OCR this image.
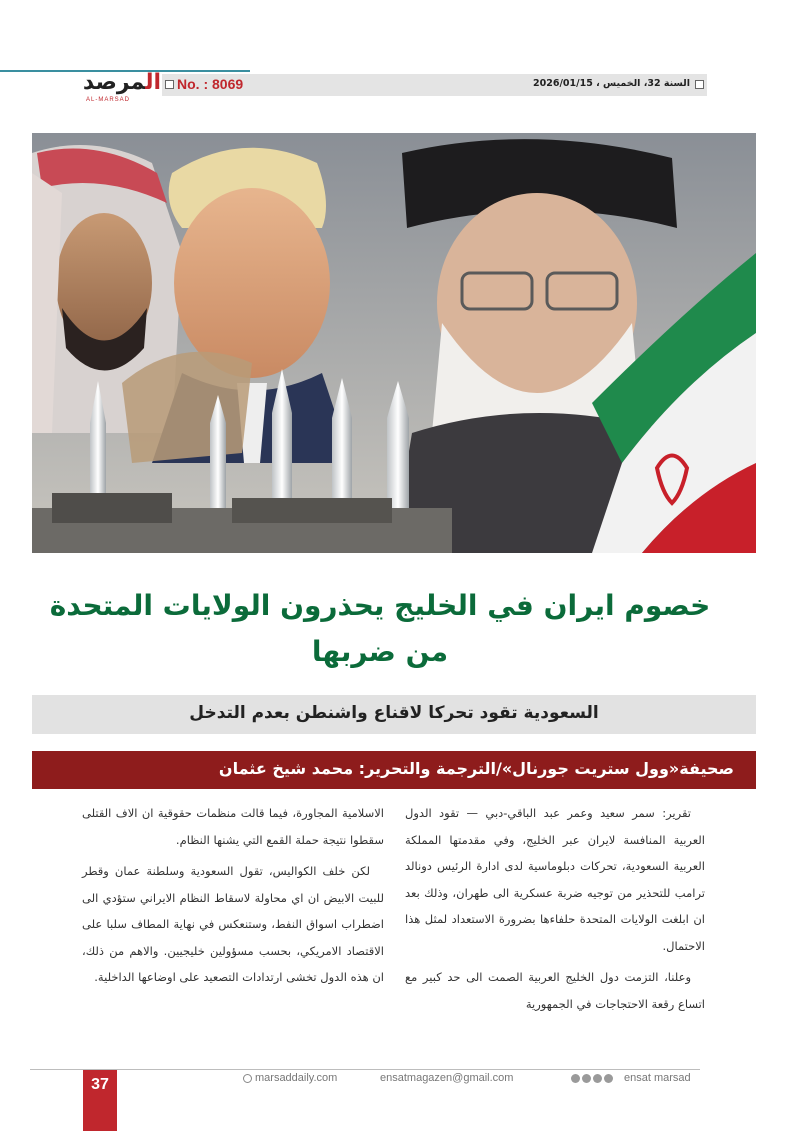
المرصد
AL-MARSAD
No. : 8069	السنة 32، الخميس ، 2026/01/15
خصوم ايران في الخليج يحذرون الولايات المتحدة
من ضربها
السعودية تقود تحركا لاقناع واشنطن بعدم التدخل
صحيفة«وول ستريت جورنال»/الترجمة والتحرير: محمد شيخ عثمان

تقرير: سمر سعيد وعمر عبد الباقي-دبي — تقود الدول العربية المنافسة لايران عبر الخليج، وفي مقدمتها المملكة العربية السعودية، تحركات دبلوماسية لدى ادارة الرئيس دونالد ترامب للتحذير من توجيه ضربة عسكرية الى طهران، وذلك بعد ان ابلغت الولايات المتحدة حلفاءها بضرورة الاستعداد لمثل هذا الاحتمال.

وعلنا، التزمت دول الخليج العربية الصمت الى حد كبير مع اتساع رقعة الاحتجاجات في الجمهورية

الاسلامية المجاورة، فيما قالت منظمات حقوقية ان الاف القتلى سقطوا نتيجة حملة القمع التي يشنها النظام.

لكن خلف الكواليس، تقول السعودية وسلطنة عمان وقطر للبيت الابيض ان اي محاولة لاسقاط النظام الايراني ستؤدي الى اضطراب اسواق النفط، وستنعكس في نهاية المطاف سلبا على الاقتصاد الامريكي، بحسب مسؤولين خليجيين. والاهم من ذلك، ان هذه الدول تخشى ارتدادات التصعيد على اوضاعها الداخلية.

37	marsaddaily.com	ensatmagazen@gmail.com	ensat marsad
